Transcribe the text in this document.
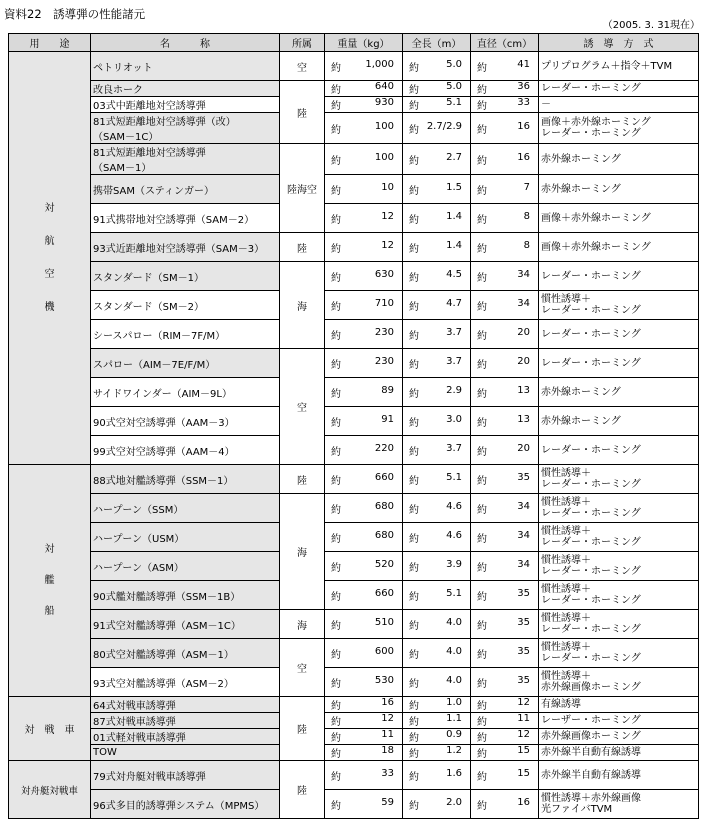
資料22　誘導弾の性能諸元
（2005. 3. 31現在）
用　　途	名　　　称	所属	重量（kg）	全長（m）	直径（cm）	誘　導　方　式

対
航
空
機	ペトリオット	空	約 1,000	約 5.0	約 41	プリプログラム＋指令＋TVM

	改良ホーク	陸	約 640	約 5.0	約 36	レーダー・ホーミング

	03式中距離地対空誘導弾		約 930	約 5.1	約 33	－

	81式短距離地対空誘導弾（改）
（SAM－1C）		約 100	約 2.7/2.9	約 16	画像＋赤外線ホーミング
レーダー・ホーミング

	81式短距離地対空誘導弾
（SAM－1）	陸海空	約 100	約 2.7	約 16	赤外線ホーミング

	携帯SAM（スティンガー）		約 10	約 1.5	約 7	赤外線ホーミング

	91式携帯地対空誘導弾（SAM－2）		約 12	約 1.4	約 8	画像＋赤外線ホーミング

	93式近距離地対空誘導弾（SAM－3）	陸	約 12	約 1.4	約 8	画像＋赤外線ホーミング

	スタンダード（SM－1）	海	約 630	約 4.5	約 34	レーダー・ホーミング

	スタンダード（SM－2）		約 710	約 4.7	約 34	慣性誘導＋
レーダー・ホーミング

	シースパロー（RIM－7F/M）		約 230	約 3.7	約 20	レーダー・ホーミング

	スパロー（AIM－7E/F/M）	空	約 230	約 3.7	約 20	レーダー・ホーミング

	サイドワインダー（AIM－9L）		約 89	約 2.9	約 13	赤外線ホーミング

	90式空対空誘導弾（AAM－3）		約 91	約 3.0	約 13	赤外線ホーミング

	99式空対空誘導弾（AAM－4）		約 220	約 3.7	約 20	レーダー・ホーミング

対
艦
船	88式地対艦誘導弾（SSM－1）	陸	約 660	約 5.1	約 35	慣性誘導＋
レーダー・ホーミング

	ハープーン（SSM）	海	約 680	約 4.6	約 34	慣性誘導＋
レーダー・ホーミング

	ハープーン（USM）		約 680	約 4.6	約 34	慣性誘導＋
レーダー・ホーミング

	ハープーン（ASM）		約 520	約 3.9	約 34	慣性誘導＋
レーダー・ホーミング

	90式艦対艦誘導弾（SSM－1B）		約 660	約 5.1	約 35	慣性誘導＋
レーダー・ホーミング

	91式空対艦誘導弾（ASM－1C）	海	約 510	約 4.0	約 35	慣性誘導＋
レーダー・ホーミング

	80式空対艦誘導弾（ASM－1）	空	約 600	約 4.0	約 35	慣性誘導＋
レーダー・ホーミング

	93式空対艦誘導弾（ASM－2）		約 530	約 4.0	約 35	慣性誘導＋
赤外線画像ホーミング

対　戦　車	64式対戦車誘導弾	陸	約 16	約 1.0	約 12	有線誘導

	87式対戦車誘導弾		約 12	約 1.1	約 11	レーザー・ホーミング

	01式軽対戦車誘導弾		約 11	約 0.9	約 12	赤外線画像ホーミング

	TOW		約 18	約 1.2	約 15	赤外線半自動有線誘導

対舟艇対戦車	79式対舟艇対戦車誘導弾	陸	約 33	約 1.6	約 15	赤外線半自動有線誘導

	96式多目的誘導弾システム（MPMS）		約 59	約 2.0	約 16	慣性誘導＋赤外線画像
光ファイバTVM
